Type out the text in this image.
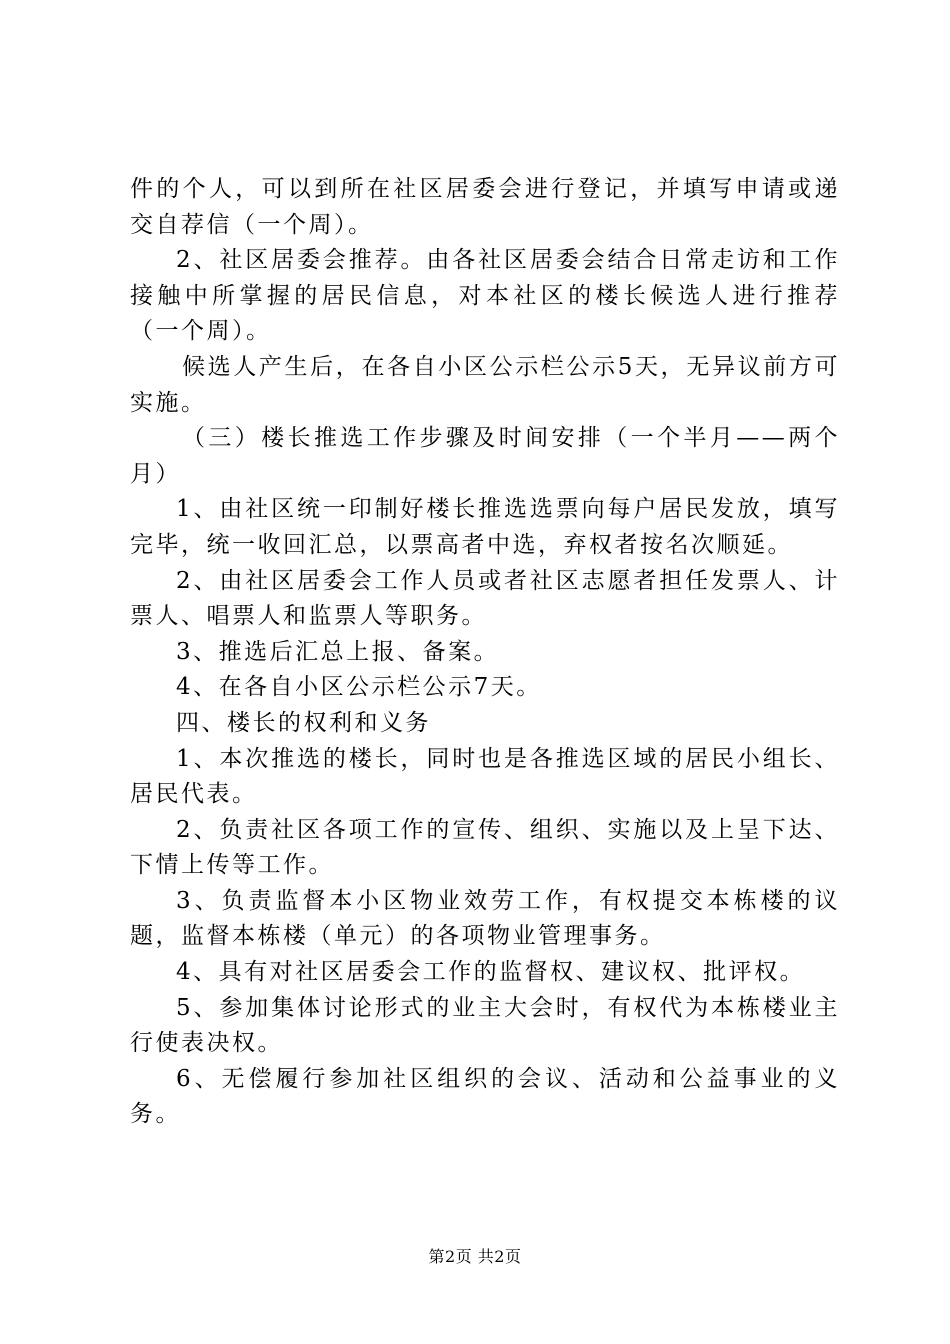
件的个人，可以到所在社区居委会进行登记，并填写申请或递交自荐信（一个周）。

2、社区居委会推荐。由各社区居委会结合日常走访和工作接触中所掌握的居民信息，对本社区的楼长候选人进行推荐（一个周）。

候选人产生后，在各自小区公示栏公示5天，无异议前方可实施。

（三）楼长推选工作步骤及时间安排（一个半月——两个月）

1、由社区统一印制好楼长推选选票向每户居民发放，填写完毕，统一收回汇总，以票高者中选，弃权者按名次顺延。

2、由社区居委会工作人员或者社区志愿者担任发票人、计票人、唱票人和监票人等职务。

3、推选后汇总上报、备案。

4、在各自小区公示栏公示7天。

四、楼长的权利和义务

1、本次推选的楼长，同时也是各推选区域的居民小组长、居民代表。

2、负责社区各项工作的宣传、组织、实施以及上呈下达、下情上传等工作。

3、负责监督本小区物业效劳工作，有权提交本栋楼的议题，监督本栋楼（单元）的各项物业管理事务。

4、具有对社区居委会工作的监督权、建议权、批评权。

5、参加集体讨论形式的业主大会时，有权代为本栋楼业主行使表决权。

6、无偿履行参加社区组织的会议、活动和公益事业的义务。

第2页 共2页
